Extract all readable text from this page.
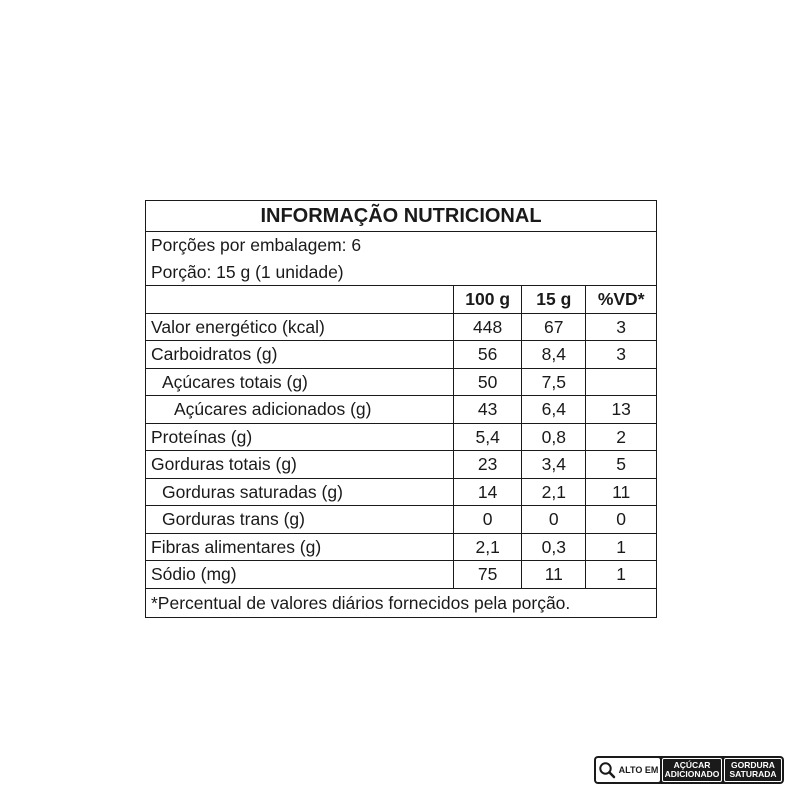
INFORMAÇÃO NUTRICIONAL
Porções por embalagem: 6
Porção: 15 g (1 unidade)
	100 g	15 g	%VD*
Valor energético (kcal)	448	67	3
Carboidratos (g)	56	8,4	3
Açúcares totais (g)	50	7,5	
Açúcares adicionados (g)	43	6,4	13
Proteínas (g)	5,4	0,8	2
Gorduras totais (g)	23	3,4	5
Gorduras saturadas (g)	14	2,1	11
Gorduras trans (g)	0	0	0
Fibras alimentares (g)	2,1	0,3	1
Sódio (mg)	75	11	1
*Percentual de valores diários fornecidos pela porção.
ALTO EM	AÇÚCAR
ADICIONADO
GORDURA
SATURADA
